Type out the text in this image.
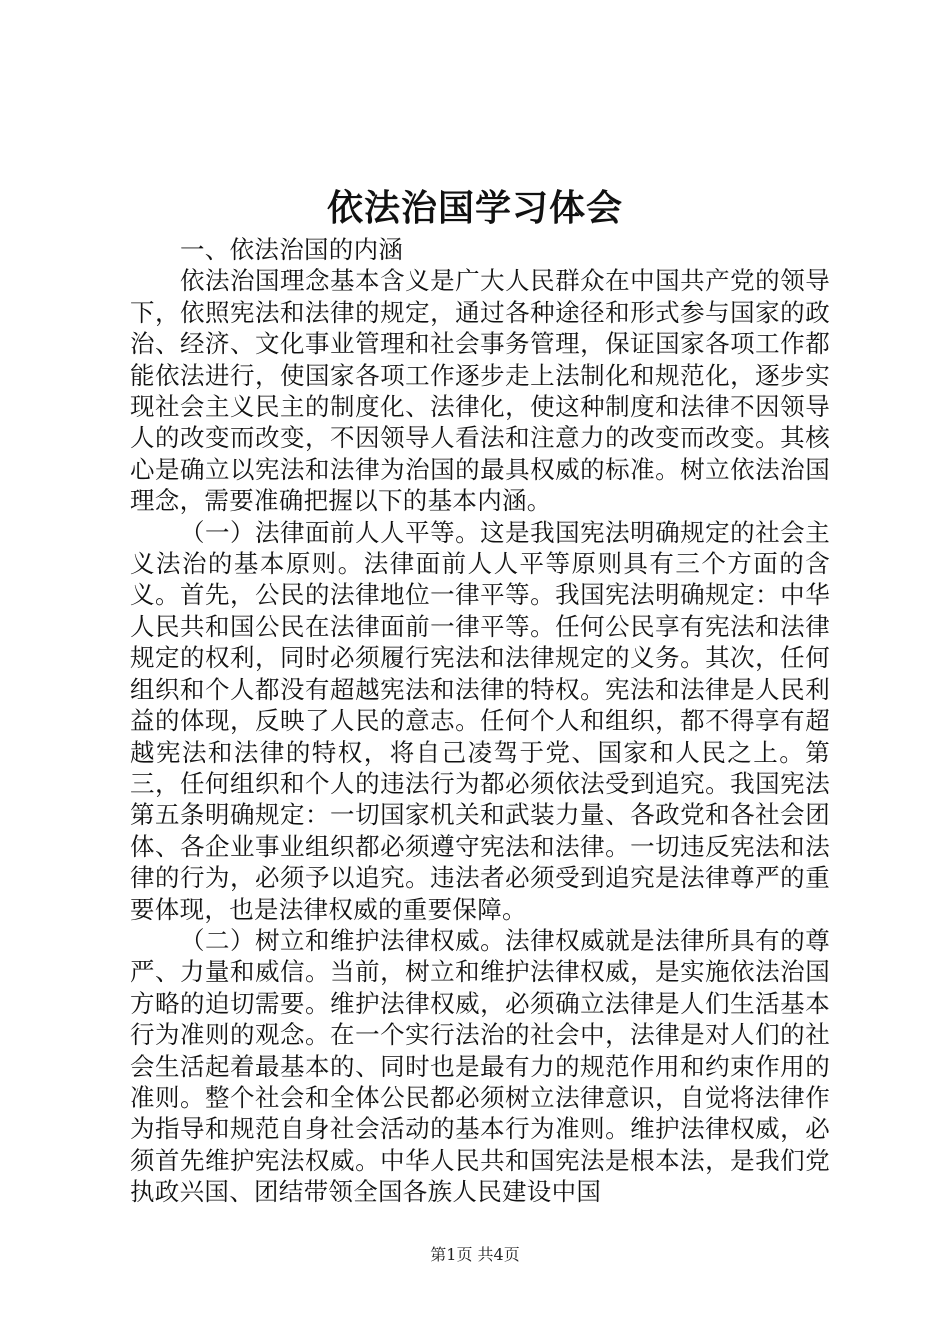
依法治国学习体会

一、依法治国的内涵

依法治国理念基本含义是广大人民群众在中国共产党的领导下，依照宪法和法律的规定，通过各种途径和形式参与国家的政治、经济、文化事业管理和社会事务管理，保证国家各项工作都能依法进行，使国家各项工作逐步走上法制化和规范化，逐步实现社会主义民主的制度化、法律化，使这种制度和法律不因领导人的改变而改变，不因领导人看法和注意力的改变而改变。其核心是确立以宪法和法律为治国的最具权威的标准。树立依法治国理念，需要准确把握以下的基本内涵。

（一）法律面前人人平等。这是我国宪法明确规定的社会主义法治的基本原则。法律面前人人平等原则具有三个方面的含义。首先，公民的法律地位一律平等。我国宪法明确规定：中华人民共和国公民在法律面前一律平等。任何公民享有宪法和法律规定的权利，同时必须履行宪法和法律规定的义务。其次，任何组织和个人都没有超越宪法和法律的特权。宪法和法律是人民利益的体现，反映了人民的意志。任何个人和组织，都不得享有超越宪法和法律的特权，将自己凌驾于党、国家和人民之上。第三，任何组织和个人的违法行为都必须依法受到追究。我国宪法第五条明确规定：一切国家机关和武装力量、各政党和各社会团体、各企业事业组织都必须遵守宪法和法律。一切违反宪法和法律的行为，必须予以追究。违法者必须受到追究是法律尊严的重要体现，也是法律权威的重要保障。

（二）树立和维护法律权威。法律权威就是法律所具有的尊严、力量和威信。当前，树立和维护法律权威，是实施依法治国方略的迫切需要。维护法律权威，必须确立法律是人们生活基本行为准则的观念。在一个实行法治的社会中，法律是对人们的社会生活起着最基本的、同时也是最有力的规范作用和约束作用的准则。整个社会和全体公民都必须树立法律意识，自觉将法律作为指导和规范自身社会活动的基本行为准则。维护法律权威，必须首先维护宪法权威。中华人民共和国宪法是根本法，是我们党执政兴国、团结带领全国各族人民建设中国

第1页 共4页
